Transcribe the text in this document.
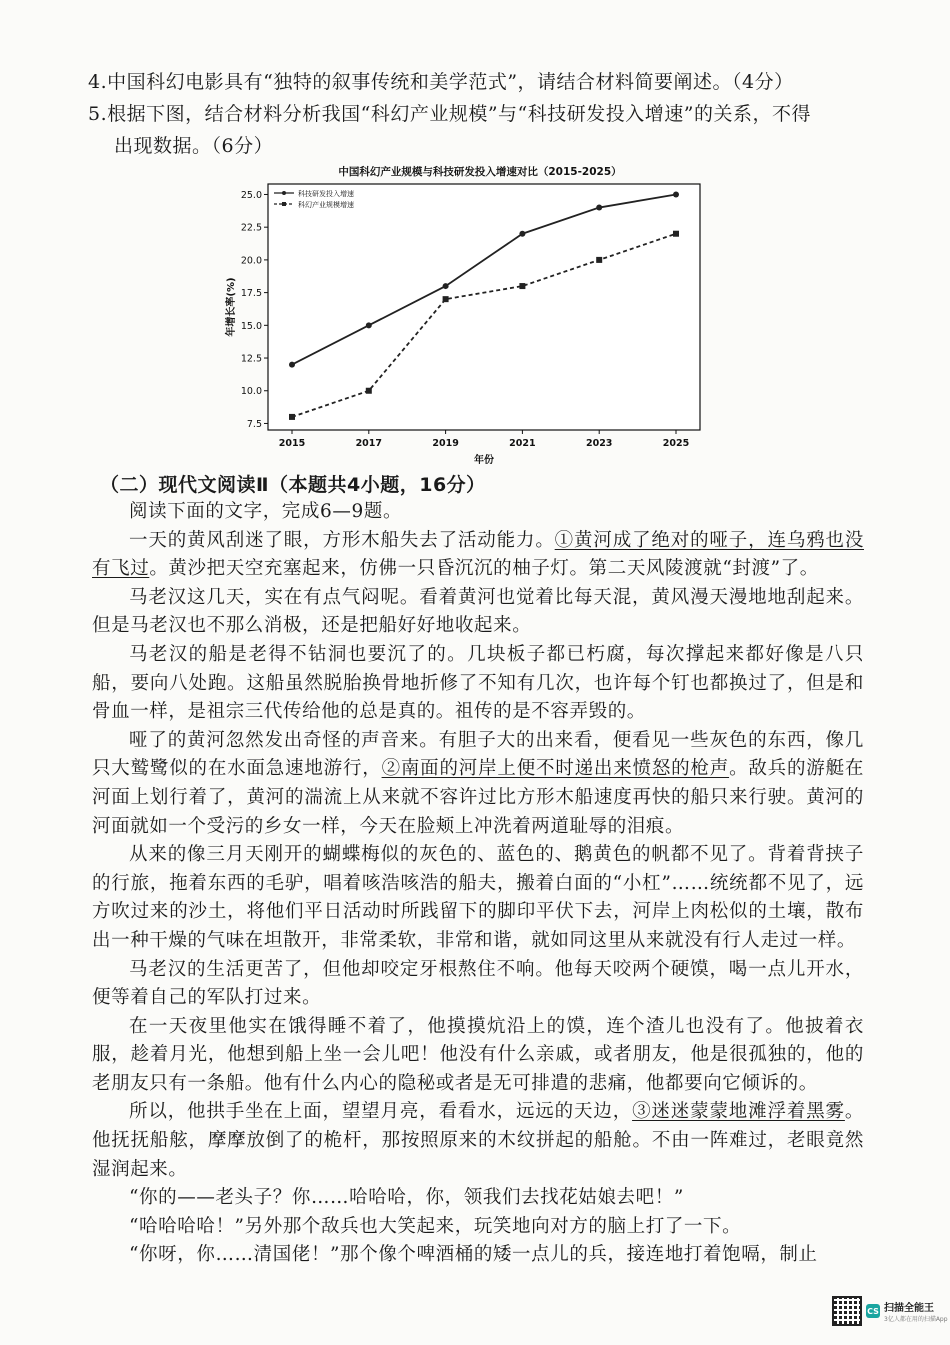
4.中国科幻电影具有“独特的叙事传统和美学范式”，请结合材料简要阐述。（4分）
5.根据下图，结合材料分析我国“科幻产业规模”与“科技研发投入增速”的关系，不得
出现数据。（6分）
中国科幻产业规模与科技研发投入增速对比（2015-2025）
年增长率(%)
年份
7.5
10.0
12.5
15.0
17.5
20.0
22.5
25.0
2015	2017	2019	2021	2023	2025
科技研发投入增速
科幻产业规模增速
（二）现代文阅读Ⅱ（本题共4小题，16分）

阅读下面的文字，完成6—9题。

一天的黄风刮迷了眼，方形木船失去了活动能力。①黄河成了绝对的哑子，连乌鸦也没有飞过。黄沙把天空充塞起来，仿佛一只昏沉沉的柚子灯。第二天风陵渡就“封渡”了。

马老汉这几天，实在有点气闷呢。看着黄河也觉着比每天混，黄风漫天漫地地刮起来。但是马老汉也不那么消极，还是把船好好地收起来。

马老汉的船是老得不钻洞也要沉了的。几块板子都已朽腐，每次撑起来都好像是八只船，要向八处跑。这船虽然脱胎换骨地折修了不知有几次，也许每个钉也都换过了，但是和骨血一样，是祖宗三代传给他的总是真的。祖传的是不容弄毁的。

哑了的黄河忽然发出奇怪的声音来。有胆子大的出来看，便看见一些灰色的东西，像几只大鹫鹭似的在水面急速地游行，②南面的河岸上便不时递出来愤怒的枪声。敌兵的游艇在河面上划行着了，黄河的湍流上从来就不容许过比方形木船速度再快的船只来行驶。黄河的河面就如一个受污的乡女一样，今天在脸颊上冲洗着两道耻辱的泪痕。

从来的像三月天刚开的蝴蝶梅似的灰色的、蓝色的、鹅黄色的帆都不见了。背着背挟子的行旅，拖着东西的毛驴，唱着咳浩咳浩的船夫，搬着白面的“小杠”……统统都不见了，远方吹过来的沙土，将他们平日活动时所践留下的脚印平伏下去，河岸上肉松似的土壤，散布出一种干燥的气味在坦散开，非常柔软，非常和谐，就如同这里从来就没有行人走过一样。

马老汉的生活更苦了，但他却咬定牙根熬住不响。他每天咬两个硬馍，喝一点儿开水，便等着自己的军队打过来。

在一天夜里他实在饿得睡不着了，他摸摸炕沿上的馍，连个渣儿也没有了。他披着衣服，趁着月光，他想到船上坐一会儿吧！他没有什么亲戚，或者朋友，他是很孤独的，他的老朋友只有一条船。他有什么内心的隐秘或者是无可排遣的悲痛，他都要向它倾诉的。

所以，他拱手坐在上面，望望月亮，看看水，远远的天边，③迷迷蒙蒙地滩浮着黑雾。他抚抚船舷，摩摩放倒了的桅杆，那按照原来的木纹拼起的船舱。不由一阵难过，老眼竟然湿润起来。

“你的——老头子？你……哈哈哈，你，领我们去找花姑娘去吧！”

“哈哈哈哈！”另外那个敌兵也大笑起来，玩笑地向对方的脑上打了一下。

“你呀，你……清国佬！”那个像个啤酒桶的矮一点儿的兵，接连地打着饱嗝，制止

CS 扫描全能王
3亿人都在用的扫描App
